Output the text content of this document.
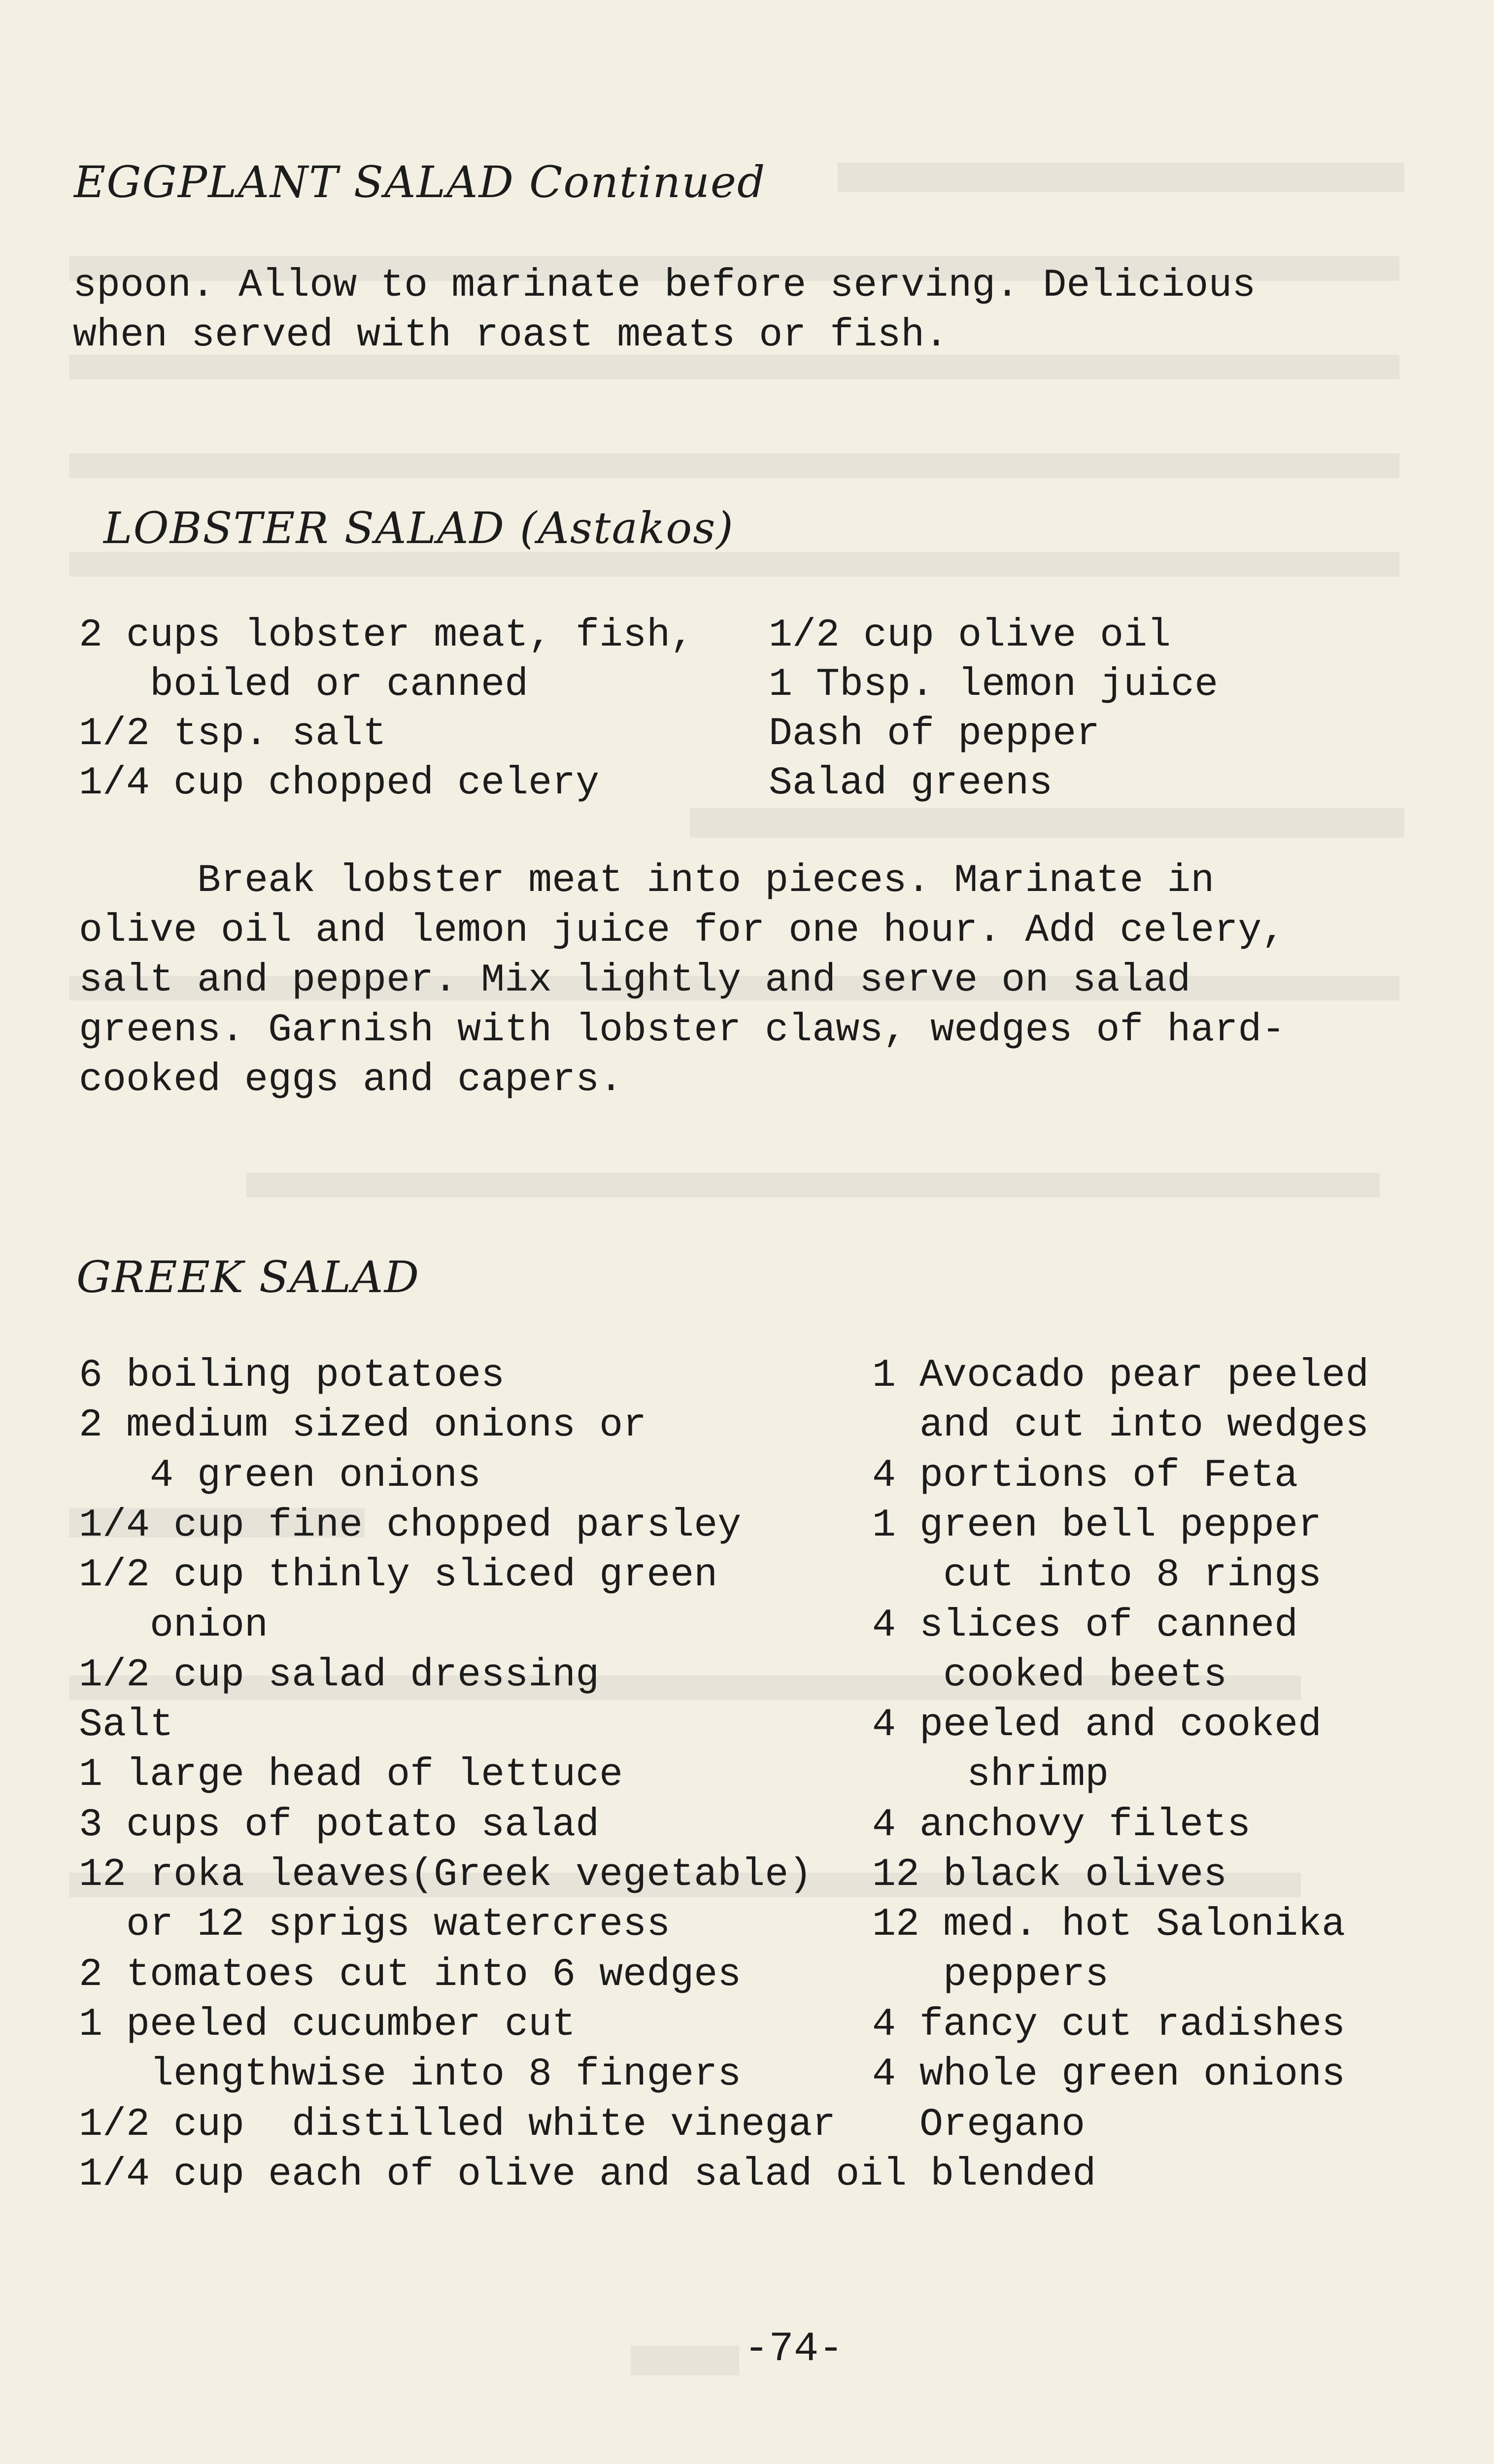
EGGPLANT SALAD Continued
spoon. Allow to marinate before serving. Delicious
when served with roast meats or fish.
LOBSTER SALAD (Astakos)
2 cups lobster meat, fish,
boiled or canned
1/2 tsp. salt
1/4 cup chopped celery
1/2 cup olive oil
1 Tbsp. lemon juice
Dash of pepper
Salad greens
Break lobster meat into pieces. Marinate in
olive oil and lemon juice for one hour. Add celery,
salt and pepper. Mix lightly and serve on salad
greens. Garnish with lobster claws, wedges of hard-
cooked eggs and capers.
GREEK SALAD
6 boiling potatoes
2 medium sized onions or
4 green onions
1/4 cup fine chopped parsley
1/2 cup thinly sliced green
onion
1/2 cup salad dressing
Salt
1 large head of lettuce
3 cups of potato salad
12 roka leaves(Greek vegetable)
or 12 sprigs watercress
2 tomatoes cut into 6 wedges
1 peeled cucumber cut
lengthwise into 8 fingers
1/2 cup  distilled white vinegar
1/4 cup each of olive and salad oil blended
1 Avocado pear peeled
and cut into wedges
4 portions of Feta
1 green bell pepper
cut into 8 rings
4 slices of canned
cooked beets
4 peeled and cooked
shrimp
4 anchovy filets
12 black olives
12 med. hot Salonika
peppers
4 fancy cut radishes
4 whole green onions
Oregano
-74-
